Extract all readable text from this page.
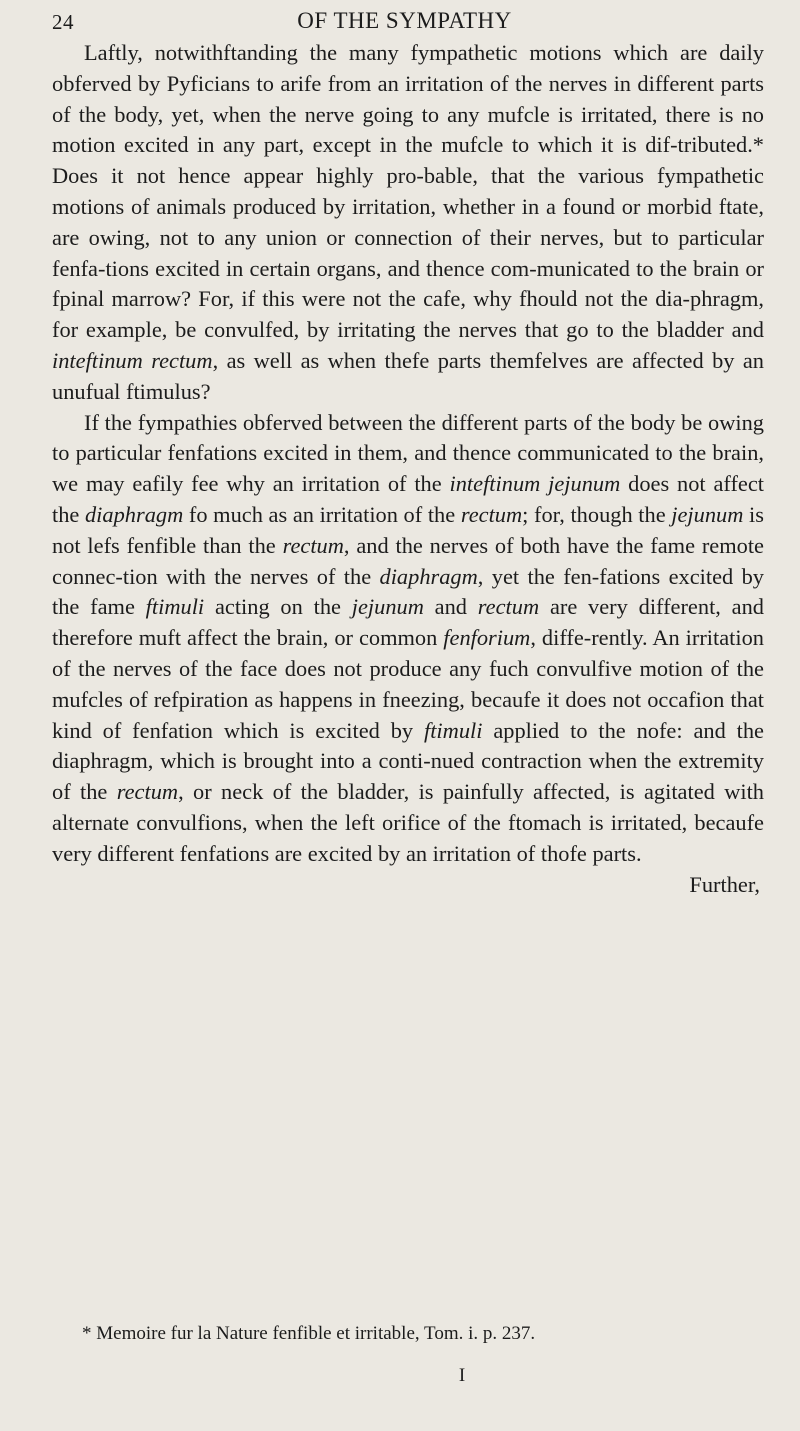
24	OF THE SYMPATHY

Laftly, notwithftanding the many fympathetic motions which are daily obferved by Pyficians to arife from an irritation of the nerves in different parts of the body, yet, when the nerve going to any mufcle is irritated, there is no motion excited in any part, except in the mufcle to which it is dif-tributed.* Does it not hence appear highly pro-bable, that the various fympathetic motions of animals produced by irritation, whether in a found or morbid ftate, are owing, not to any union or connection of their nerves, but to particular fenfa-tions excited in certain organs, and thence com-municated to the brain or fpinal marrow? For, if this were not the cafe, why fhould not the dia-phragm, for example, be convulfed, by irritating the nerves that go to the bladder and inteftinum rectum, as well as when thefe parts themfelves are affected by an unufual ftimulus?

If the fympathies obferved between the different parts of the body be owing to particular fenfations excited in them, and thence communicated to the brain, we may eafily fee why an irritation of the inteftinum jejunum does not affect the diaphragm fo much as an irritation of the rectum; for, though the jejunum is not lefs fenfible than the rectum, and the nerves of both have the fame remote connec-tion with the nerves of the diaphragm, yet the fen-fations excited by the fame ftimuli acting on the jejunum and rectum are very different, and therefore muft affect the brain, or common fenforium, diffe-rently. An irritation of the nerves of the face does not produce any fuch convulfive motion of the mufcles of refpiration as happens in fneezing, becaufe it does not occafion that kind of fenfation which is excited by ftimuli applied to the nofe: and the diaphragm, which is brought into a conti-nued contraction when the extremity of the rectum, or neck of the bladder, is painfully affected, is agitated with alternate convulfions, when the left orifice of the ftomach is irritated, becaufe very different fenfations are excited by an irritation of thofe parts.

Further,
* Memoire fur la Nature fenfible et irritable, Tom. i. p. 237.
I
